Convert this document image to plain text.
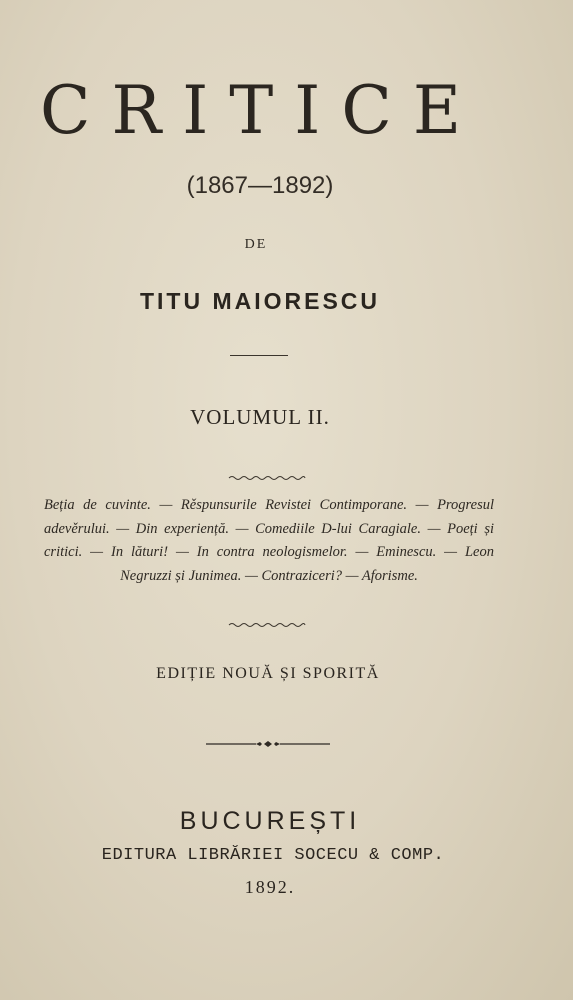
CRITICE
(1867—1892)
DE
TITU MAIORESCU
VOLUMUL II.
Beția de cuvinte. — Rěspunsurile Revistei Contimporane. — Progresul adevěrului. — Din experiență. — Comediile D-lui Caragiale. — Poeți și critici. — In lături! — In contra neologismelor. — Eminescu. — Leon Negruzzi și Junimea. — Contraziceri? — Aforisme.
EDIȚIE NOUĂ ȘI SPORITĂ
BUCUREȘTI
EDITURA LIBRĂRIEI SOCECU & COMP.
1892.
